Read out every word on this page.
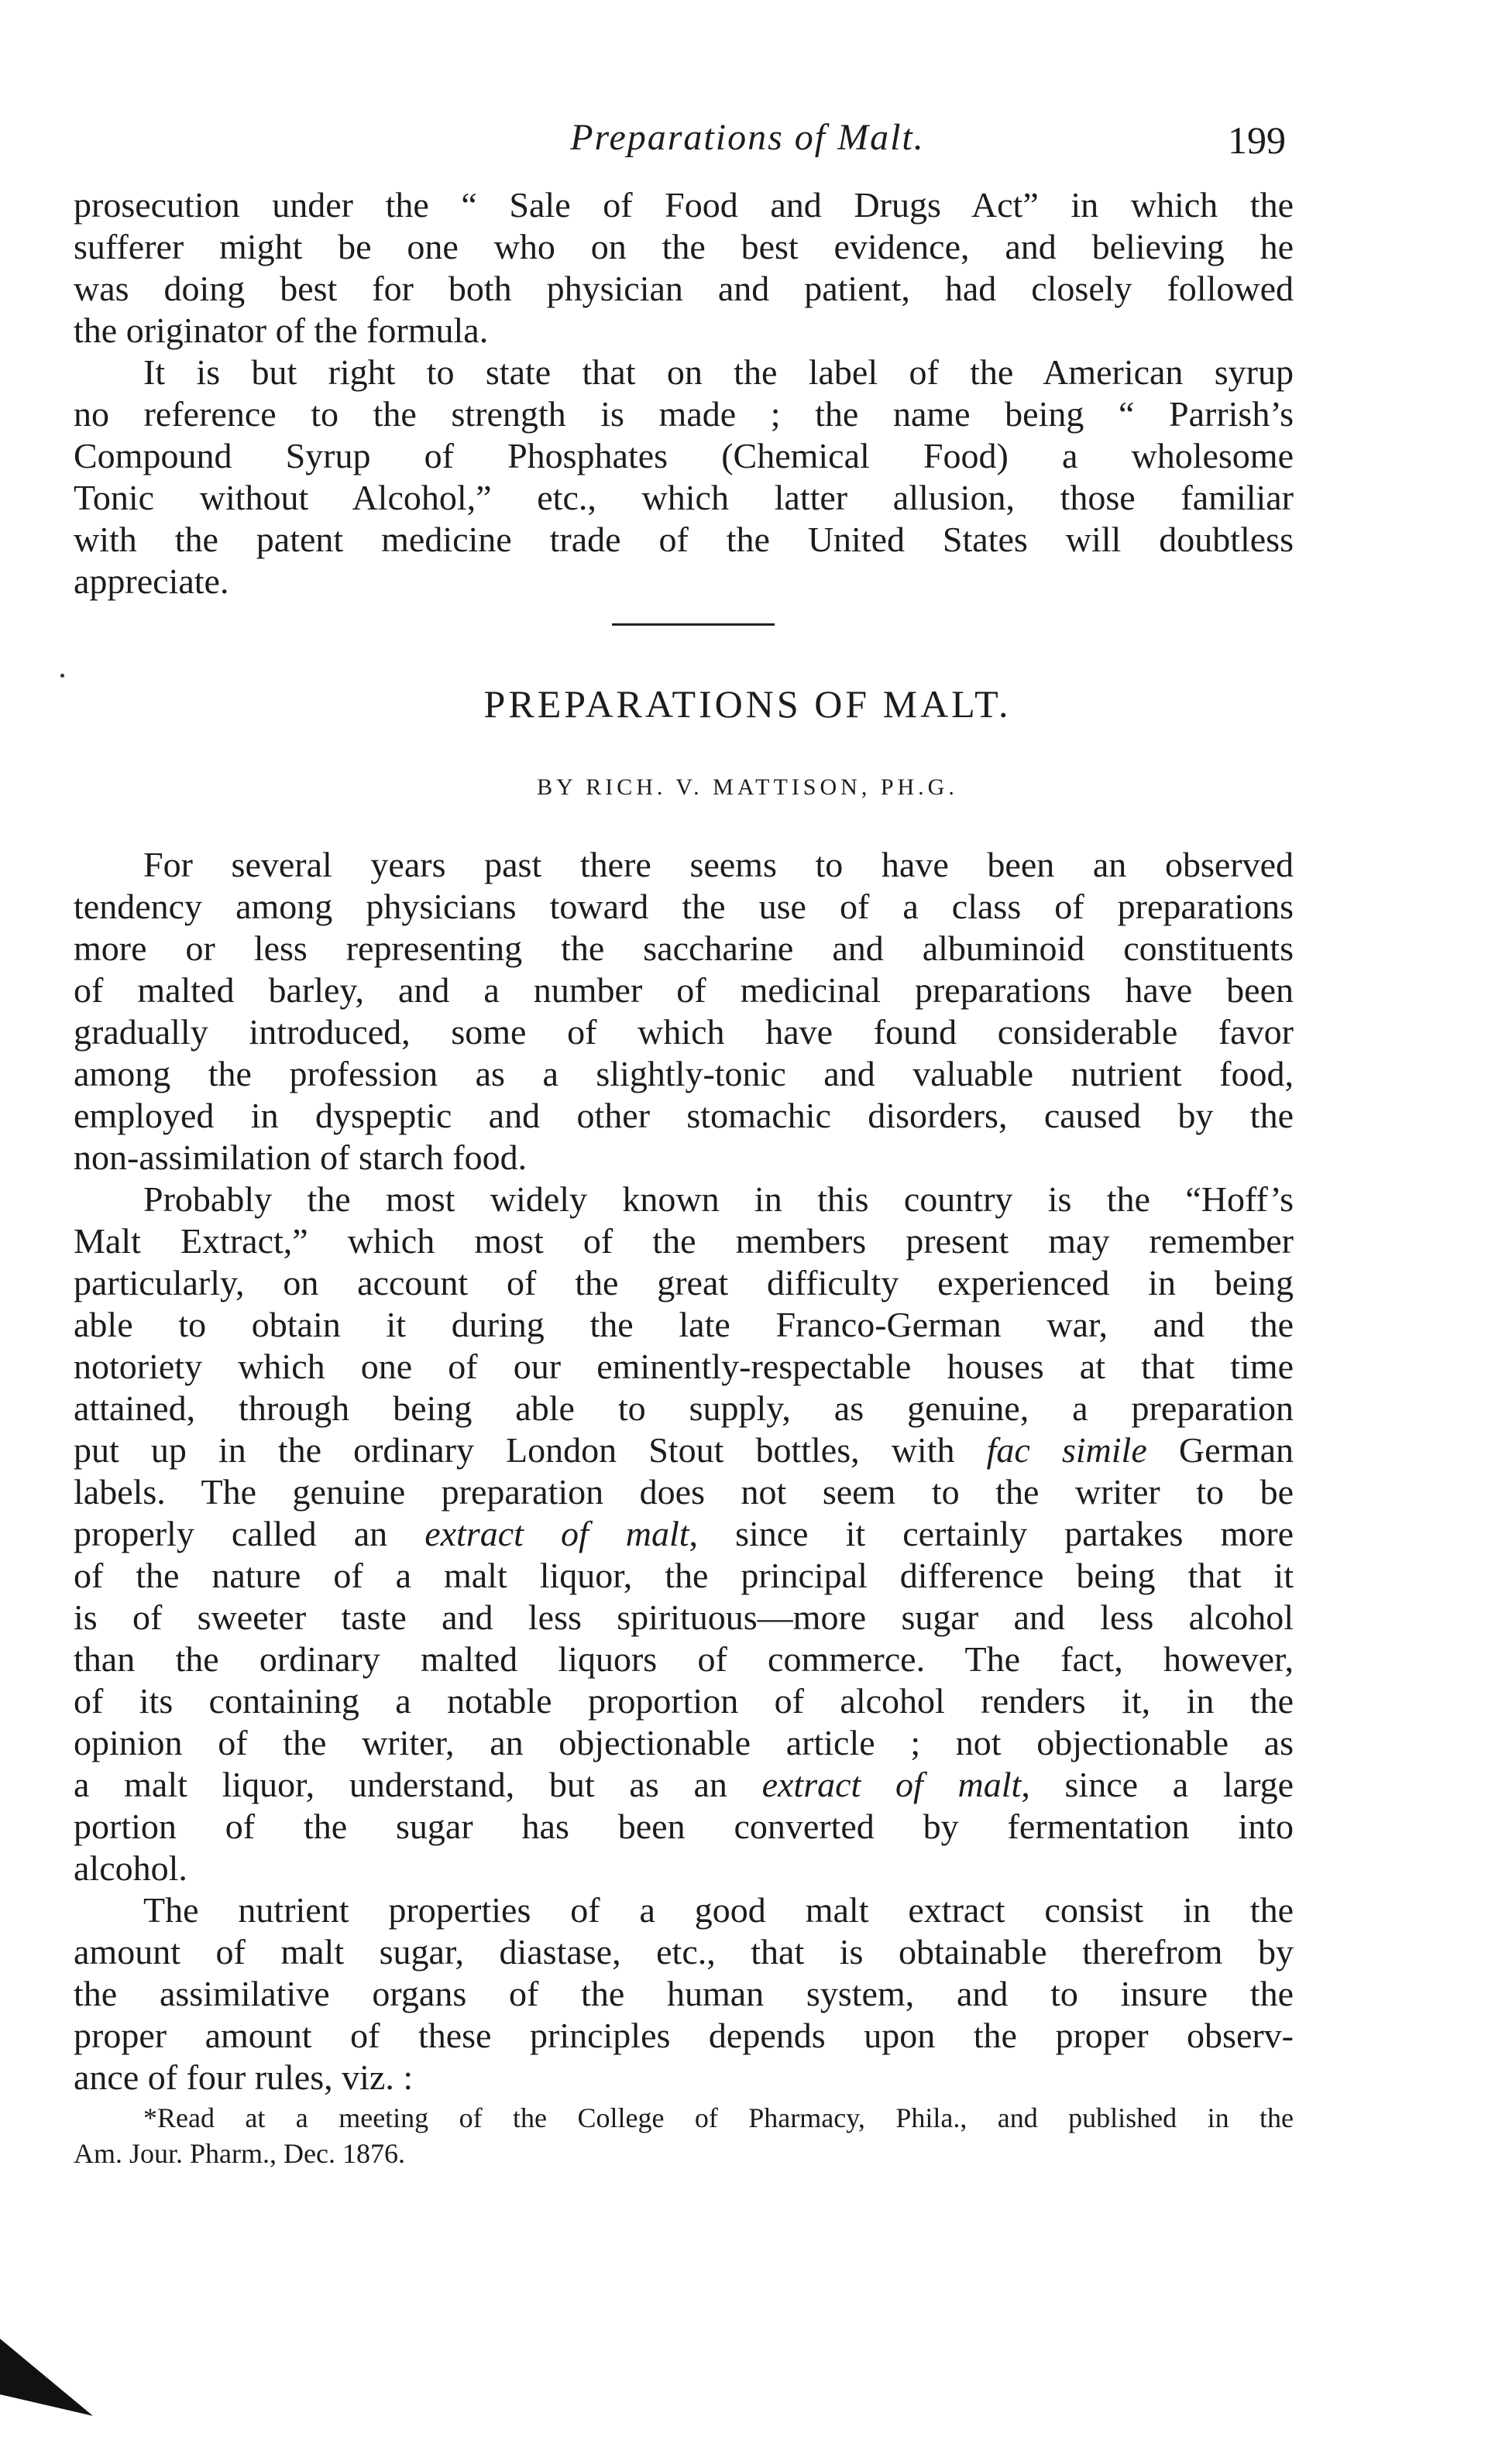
Preparations of Malt.	199
prosecution under the “ Sale of Food and Drugs Act” in which the
sufferer might be one who on the best evidence, and believing he
was doing best for both physician and patient, had closely followed
the originator of the formula.
It is but right to state that on the label of the American syrup
no reference to the strength is made ; the name being “ Parrish’s
Compound Syrup of Phosphates (Chemical Food) a wholesome
Tonic without Alcohol,” etc., which latter allusion, those familiar
with the patent medicine trade of the United States will doubtless
appreciate.
PREPARATIONS OF MALT.
BY RICH. V. MATTISON, PH.G.
For several years past there seems to have been an observed
tendency among physicians toward the use of a class of preparations
more or less representing the saccharine and albuminoid constituents
of malted barley, and a number of medicinal preparations have been
gradually introduced, some of which have found considerable favor
among the profession as a slightly-tonic and valuable nutrient food,
employed in dyspeptic and other stomachic disorders, caused by the
non-assimilation of starch food.
Probably the most widely known in this country is the “Hoff’s
Malt Extract,” which most of the members present may remember
particularly, on account of the great difficulty experienced in being
able to obtain it during the late Franco-German war, and the
notoriety which one of our eminently-respectable houses at that time
attained, through being able to supply, as genuine, a preparation
put up in the ordinary London Stout bottles, with fac simile German
labels. The genuine preparation does not seem to the writer to be
properly called an extract of malt, since it certainly partakes more
of the nature of a malt liquor, the principal difference being that it
is of sweeter taste and less spirituous—more sugar and less alcohol
than the ordinary malted liquors of commerce. The fact, however,
of its containing a notable proportion of alcohol renders it, in the
opinion of the writer, an objectionable article ; not objectionable as
a malt liquor, understand, but as an extract of malt, since a large
portion of the sugar has been converted by fermentation into
alcohol.
The nutrient properties of a good malt extract consist in the
amount of malt sugar, diastase, etc., that is obtainable therefrom by
the assimilative organs of the human system, and to insure the
proper amount of these principles depends upon the proper observ-
ance of four rules, viz. :
*Read at a meeting of the College of Pharmacy, Phila., and published in the
Am. Jour. Pharm., Dec. 1876.
